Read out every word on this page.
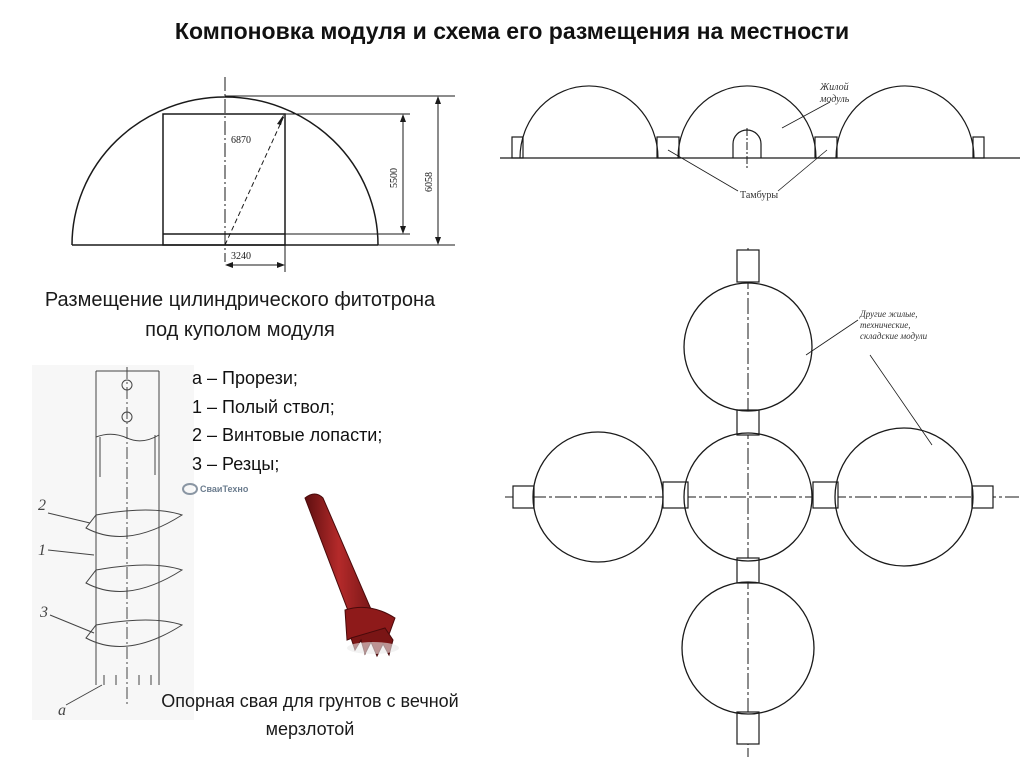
Компоновка модуля и схема его размещения на местности
6870
5500 6058
3240
Размещение цилиндрического фитотрона под куполом модуля
Жилой модуль
Тамбуры
Другие жилые, технические, складские модули
2
1
3
a
а – Прорези;
1 – Полый ствол;
2 – Винтовые лопасти;
3 – Резцы;
СваиТехно
Опорная свая для грунтов с вечной мерзлотой
